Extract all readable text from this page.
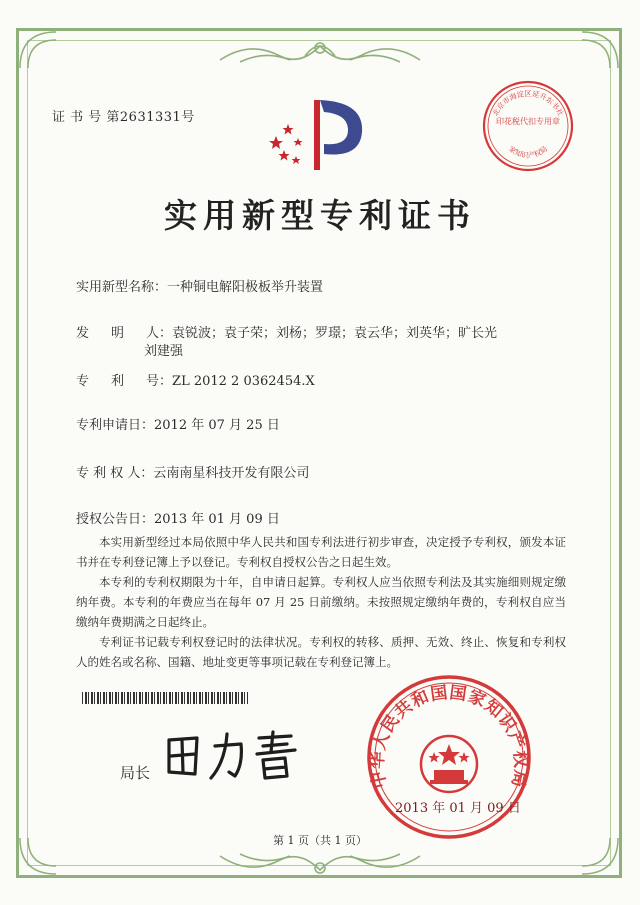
证 书 号 第2631331号	北京市海淀区延升东书社
印花税代扣专用章
家知识产权局
实用新型专利证书
实用新型名称：一种铜电解阳极板举升装置
发 明 人：袁锐波；袁子荣；刘杨；罗璟；袁云华；刘英华；旷长光
刘建强
专 利 号：ZL 2012 2 0362454.X
专利申请日：2012 年 07 月 25 日
专 利 权 人：云南南星科技开发有限公司
授权公告日：2013 年 01 月 09 日

本实用新型经过本局依照中华人民共和国专利法进行初步审查，决定授予专利权，颁发本证书并在专利登记簿上予以登记。专利权自授权公告之日起生效。

本专利的专利权期限为十年，自申请日起算。专利权人应当依照专利法及其实施细则规定缴纳年费。本专利的年费应当在每年 07 月 25 日前缴纳。未按照规定缴纳年费的，专利权自应当缴纳年费期满之日起终止。

专利证书记载专利权登记时的法律状况。专利权的转移、质押、无效、终止、恢复和专利权人的姓名或名称、国籍、地址变更等事项记载在专利登记簿上。

局长	中华人民共和国国家知识产权局
2013 年 01 月 09 日
第 1 页（共 1 页）
